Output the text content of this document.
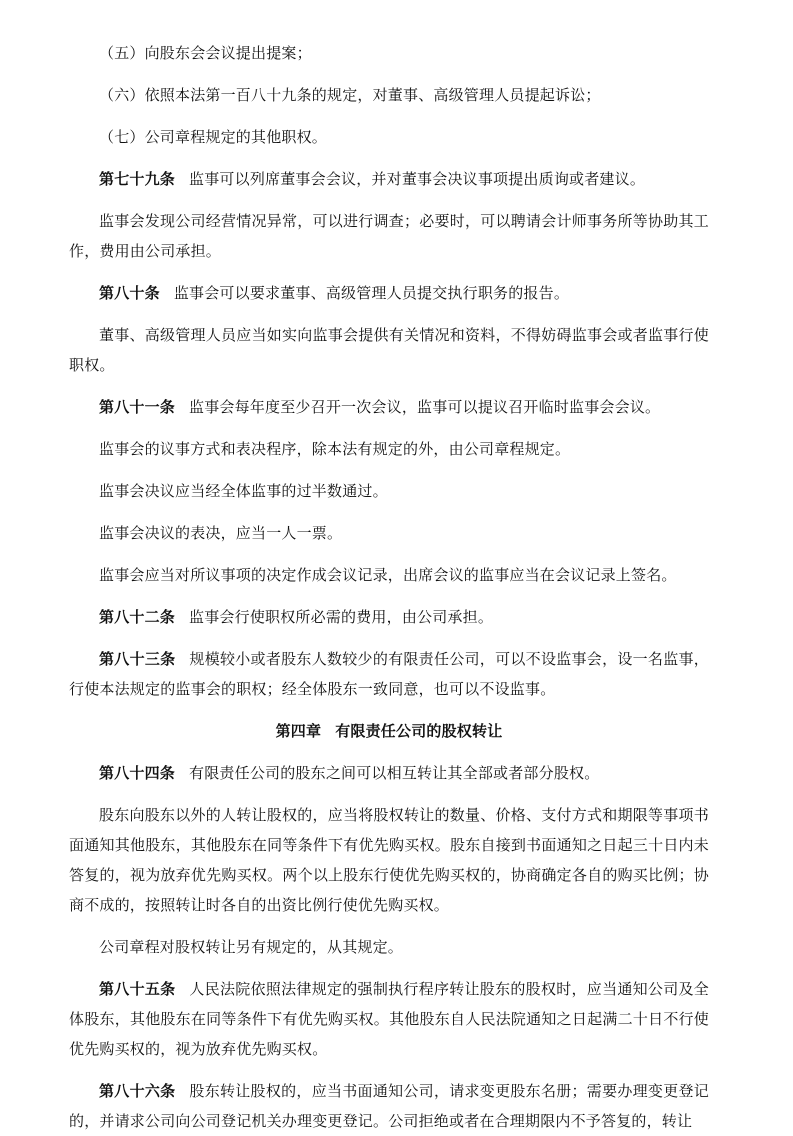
（五）向股东会会议提出提案；

（六）依照本法第一百八十九条的规定，对董事、高级管理人员提起诉讼；

（七）公司章程规定的其他职权。

第七十九条 监事可以列席董事会会议，并对董事会决议事项提出质询或者建议。

监事会发现公司经营情况异常，可以进行调查；必要时，可以聘请会计师事务所等协助其工作，费用由公司承担。

第八十条 监事会可以要求董事、高级管理人员提交执行职务的报告。

董事、高级管理人员应当如实向监事会提供有关情况和资料，不得妨碍监事会或者监事行使职权。

第八十一条 监事会每年度至少召开一次会议，监事可以提议召开临时监事会会议。

监事会的议事方式和表决程序，除本法有规定的外，由公司章程规定。

监事会决议应当经全体监事的过半数通过。

监事会决议的表决，应当一人一票。

监事会应当对所议事项的决定作成会议记录，出席会议的监事应当在会议记录上签名。

第八十二条 监事会行使职权所必需的费用，由公司承担。

第八十三条 规模较小或者股东人数较少的有限责任公司，可以不设监事会，设一名监事，行使本法规定的监事会的职权；经全体股东一致同意，也可以不设监事。

第四章 有限责任公司的股权转让

第八十四条 有限责任公司的股东之间可以相互转让其全部或者部分股权。

股东向股东以外的人转让股权的，应当将股权转让的数量、价格、支付方式和期限等事项书面通知其他股东，其他股东在同等条件下有优先购买权。股东自接到书面通知之日起三十日内未答复的，视为放弃优先购买权。两个以上股东行使优先购买权的，协商确定各自的购买比例；协商不成的，按照转让时各自的出资比例行使优先购买权。

公司章程对股权转让另有规定的，从其规定。

第八十五条 人民法院依照法律规定的强制执行程序转让股东的股权时，应当通知公司及全体股东，其他股东在同等条件下有优先购买权。其他股东自人民法院通知之日起满二十日不行使优先购买权的，视为放弃优先购买权。

第八十六条 股东转让股权的，应当书面通知公司，请求变更股东名册；需要办理变更登记的，并请求公司向公司登记机关办理变更登记。公司拒绝或者在合理期限内不予答复的，转让
